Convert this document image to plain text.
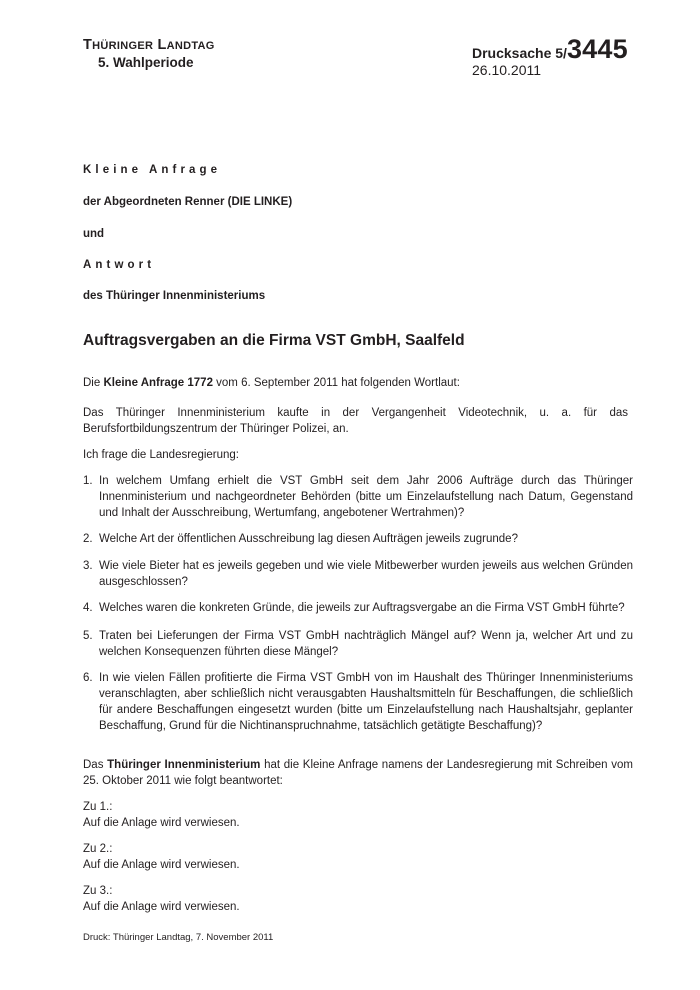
THÜRINGER LANDTAG
5. Wahlperiode
Drucksache 5/3445
26.10.2011
Kleine Anfrage
der Abgeordneten Renner (DIE LINKE)
und
Antwort
des Thüringer Innenministeriums
Auftragsvergaben an die Firma VST GmbH, Saalfeld
Die Kleine Anfrage 1772 vom 6. September 2011 hat folgenden Wortlaut:
Das Thüringer Innenministerium kaufte in der Vergangenheit Videotechnik, u. a. für das Berufsfortbildungszentrum der Thüringer Polizei, an.
Ich frage die Landesregierung:
1. In welchem Umfang erhielt die VST GmbH seit dem Jahr 2006 Aufträge durch das Thüringer Innenministerium und nachgeordneter Behörden (bitte um Einzelaufstellung nach Datum, Gegenstand und Inhalt der Ausschreibung, Wertumfang, angebotener Wertrahmen)?
2. Welche Art der öffentlichen Ausschreibung lag diesen Aufträgen jeweils zugrunde?
3. Wie viele Bieter hat es jeweils gegeben und wie viele Mitbewerber wurden jeweils aus welchen Gründen ausgeschlossen?
4. Welches waren die konkreten Gründe, die jeweils zur Auftragsvergabe an die Firma VST GmbH führte?
5. Traten bei Lieferungen der Firma VST GmbH nachträglich Mängel auf? Wenn ja, welcher Art und zu welchen Konsequenzen führten diese Mängel?
6. In wie vielen Fällen profitierte die Firma VST GmbH von im Haushalt des Thüringer Innenministeriums veranschlagten, aber schließlich nicht verausgabten Haushaltsmitteln für Beschaffungen, die schließlich für andere Beschaffungen eingesetzt wurden (bitte um Einzelaufstellung nach Haushaltsjahr, geplanter Beschaffung, Grund für die Nichtinanspruchnahme, tatsächlich getätigte Beschaffung)?
Das Thüringer Innenministerium hat die Kleine Anfrage namens der Landesregierung mit Schreiben vom 25. Oktober 2011 wie folgt beantwortet:
Zu 1.:
Auf die Anlage wird verwiesen.
Zu 2.:
Auf die Anlage wird verwiesen.
Zu 3.:
Auf die Anlage wird verwiesen.
Druck: Thüringer Landtag, 7. November 2011
